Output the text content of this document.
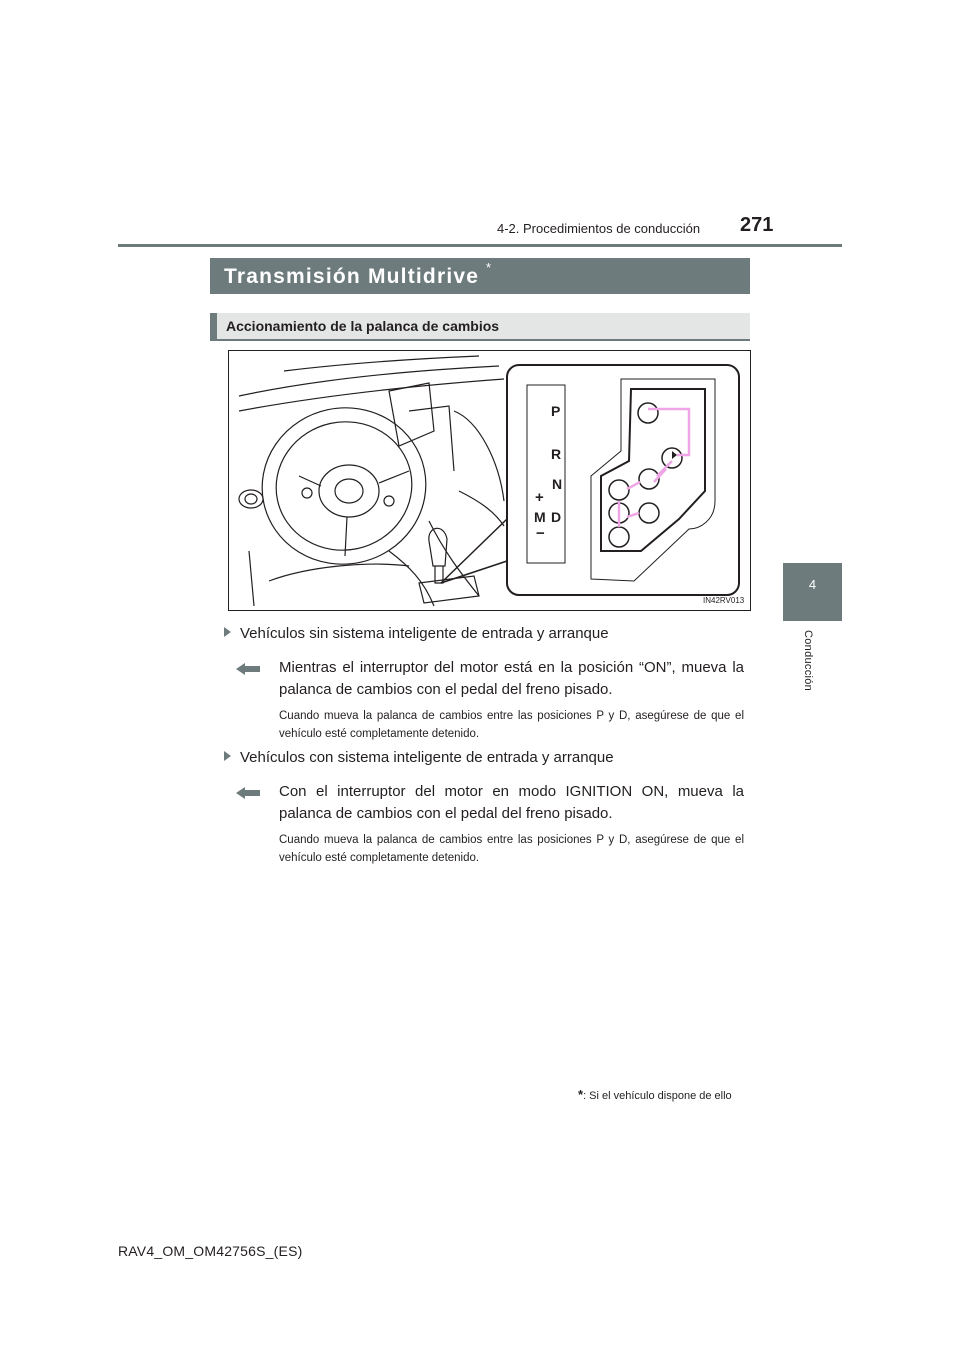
4-2. Procedimientos de conducción 271
4
Conducción
Transmisión Multidrive *
Accionamiento de la palanca de cambios
P
R
N
D
M
+
−
IN42RV013
Vehículos sin sistema inteligente de entrada y arranque
Mientras el interruptor del motor está en la posición “ON”, mueva la palanca de cambios con el pedal del freno pisado.
Cuando mueva la palanca de cambios entre las posiciones P y D, asegúrese de que el vehículo esté completamente detenido.
Vehículos con sistema inteligente de entrada y arranque
Con el interruptor del motor en modo IGNITION ON, mueva la palanca de cambios con el pedal del freno pisado.
Cuando mueva la palanca de cambios entre las posiciones P y D, asegúrese de que el vehículo esté completamente detenido.
*: Si el vehículo dispone de ello
RAV4_OM_OM42756S_(ES)
